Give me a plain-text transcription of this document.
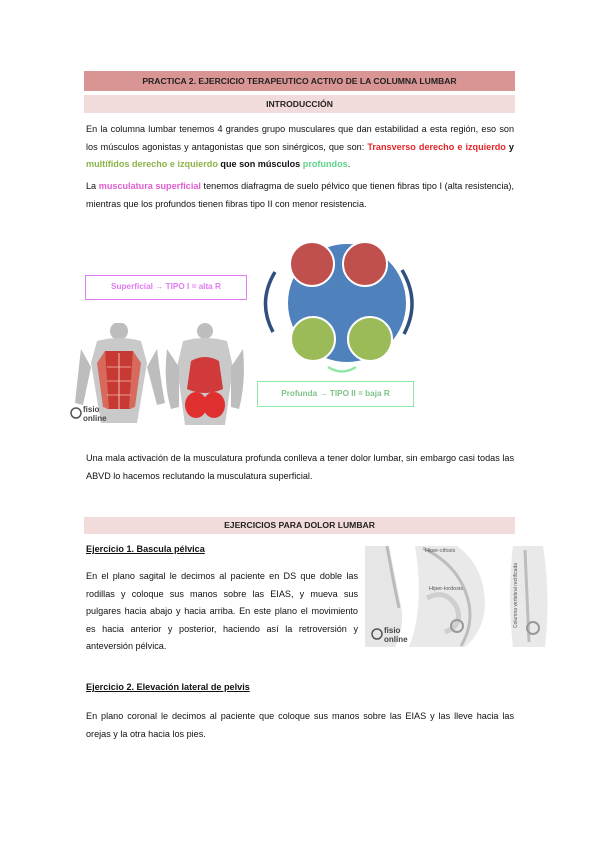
PRACTICA 2. EJERCICIO TERAPEUTICO ACTIVO DE LA COLUMNA LUMBAR
INTRODUCCIÓN

En la columna lumbar tenemos 4 grandes grupo musculares que dan estabilidad a esta región, eso son los músculos agonistas y antagonistas que son sinérgicos, que son: Transverso derecho e izquierdo y multífidos derecho e izquierdo que son músculos profundos.

La musculatura superficial tenemos diafragma de suelo pélvico que tienen fibras tipo I (alta resistencia), mientras que los profundos tienen fibras tipo II con menor resistencia.

fisio
online
Superficial → TIPO I = alta R
Profunda → TIPO II = baja R

Una mala activación de la musculatura profunda conlleva a tener dolor lumbar, sin embargo casi todas las ABVD lo hacemos reclutando la musculatura superficial.

EJERCICIOS PARA DOLOR LUMBAR
Ejercicio 1. Bascula pélvica

En el plano sagital le decimos al paciente en DS que doble las rodillas y coloque sus manos sobre las EIAS, y mueva sus pulgares hacia abajo y hacia arriba. En este plano el movimiento es hacia anterior y posterior, haciendo así la retroversión y anteversión pélvica.

Hiper-cifosis
Hiper-lordosis	Columna vertebral rectificada
fisio
online
Ejercicio 2. Elevación lateral de pelvis

En plano coronal le decimos al paciente que coloque sus manos sobre las EIAS y las lleve hacia las orejas y la otra hacia los pies.
